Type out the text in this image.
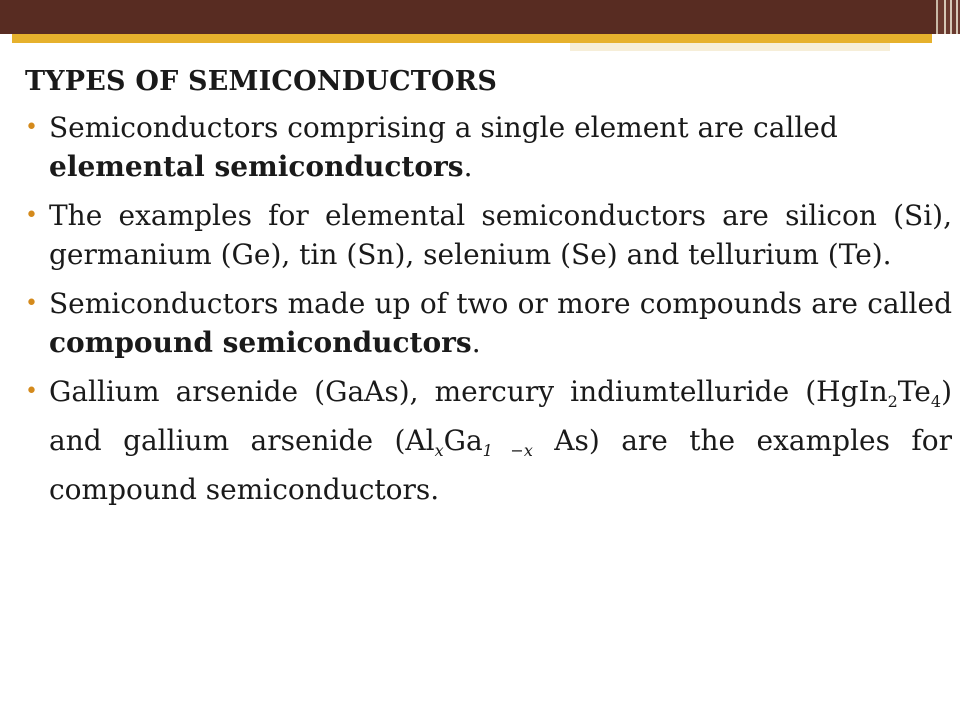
TYPES OF SEMICONDUCTORS
• Semiconductors comprising a single element are called elemental semiconductors.
• The examples for elemental semiconductors are silicon (Si), germanium (Ge), tin (Sn), selenium (Se) and tellurium (Te).
• Semiconductors made up of two or more compounds are called compound semiconductors.
• Gallium arsenide (GaAs), mercury indiumtelluride $(HgIn_2Te_4)$ and gallium arsenide ($Al_xGa_{1 -x}$ As) are the examples for compound semiconductors.
